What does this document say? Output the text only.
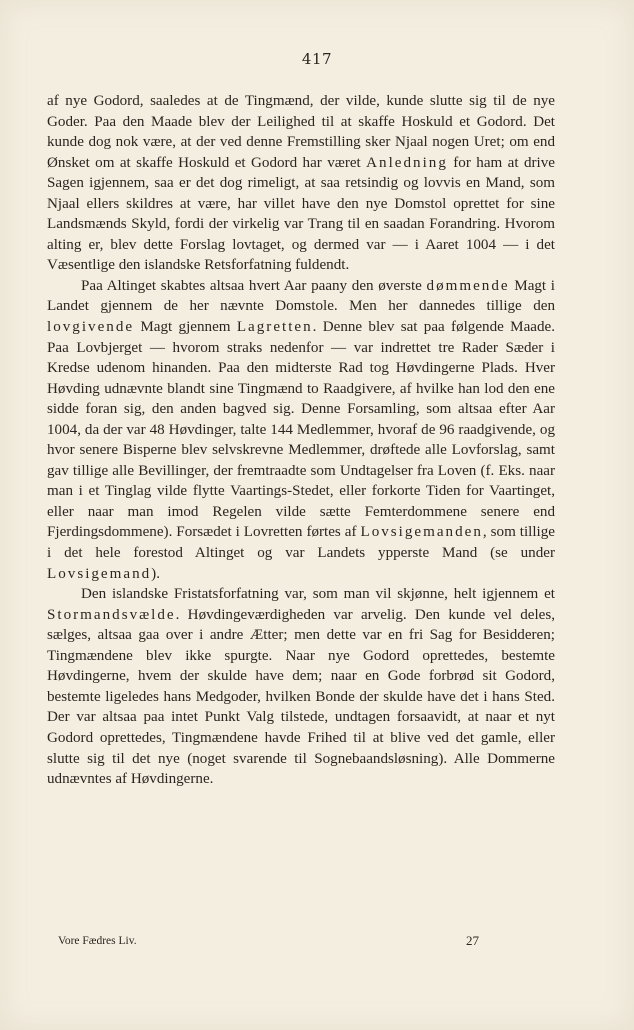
417

af nye Godord, saaledes at de Tingmænd, der vilde, kunde slutte sig til de nye Goder. Paa den Maade blev der Leilighed til at skaffe Hoskuld et Godord. Det kunde dog nok være, at der ved denne Fremstilling sker Njaal nogen Uret; om end Ønsket om at skaffe Hoskuld et Godord har været Anledning for ham at drive Sagen igjennem, saa er det dog rimeligt, at saa retsindig og lovvis en Mand, som Njaal ellers skildres at være, har villet have den nye Domstol oprettet for sine Landsmænds Skyld, fordi der virkelig var Trang til en saadan Forandring. Hvorom alting er, blev dette Forslag lovtaget, og dermed var — i Aaret 1004 — i det Væsentlige den islandske Retsforfatning fuldendt.

Paa Altinget skabtes altsaa hvert Aar paany den øverste dømmende Magt i Landet gjennem de her nævnte Domstole. Men her dannedes tillige den lovgivende Magt gjennem Lagretten. Denne blev sat paa følgende Maade. Paa Lovbjerget — hvorom straks nedenfor — var indrettet tre Rader Sæder i Kredse udenom hinanden. Paa den midterste Rad tog Høvdingerne Plads. Hver Høvding udnævnte blandt sine Tingmænd to Raadgivere, af hvilke han lod den ene sidde foran sig, den anden bagved sig. Denne Forsamling, som altsaa efter Aar 1004, da der var 48 Høvdinger, talte 144 Medlemmer, hvoraf de 96 raadgivende, og hvor senere Bisperne blev selvskrevne Medlemmer, drøftede alle Lovforslag, samt gav tillige alle Bevillinger, der fremtraadte som Undtagelser fra Loven (f. Eks. naar man i et Tinglag vilde flytte Vaartings-Stedet, eller forkorte Tiden for Vaartinget, eller naar man imod Regelen vilde sætte Femterdommene senere end Fjerdingsdommene). Forsædet i Lovretten førtes af Lovsigemanden, som tillige i det hele forestod Altinget og var Landets ypperste Mand (se under Lovsigemand).

Den islandske Fristatsforfatning var, som man vil skjønne, helt igjennem et Stormandsvælde. Høvdingeværdigheden var arvelig. Den kunde vel deles, sælges, altsaa gaa over i andre Ætter; men dette var en fri Sag for Besidderen; Tingmændene blev ikke spurgte. Naar nye Godord oprettedes, bestemte Høvdingerne, hvem der skulde have dem; naar en Gode forbrød sit Godord, bestemte ligeledes hans Medgoder, hvilken Bonde der skulde have det i hans Sted. Der var altsaa paa intet Punkt Valg tilstede, undtagen forsaavidt, at naar et nyt Godord oprettedes, Tingmændene havde Frihed til at blive ved det gamle, eller slutte sig til det nye (noget svarende til Sognebaandsløsning). Alle Dommerne udnævntes af Høvdingerne.

Vore Fædres Liv.	27
